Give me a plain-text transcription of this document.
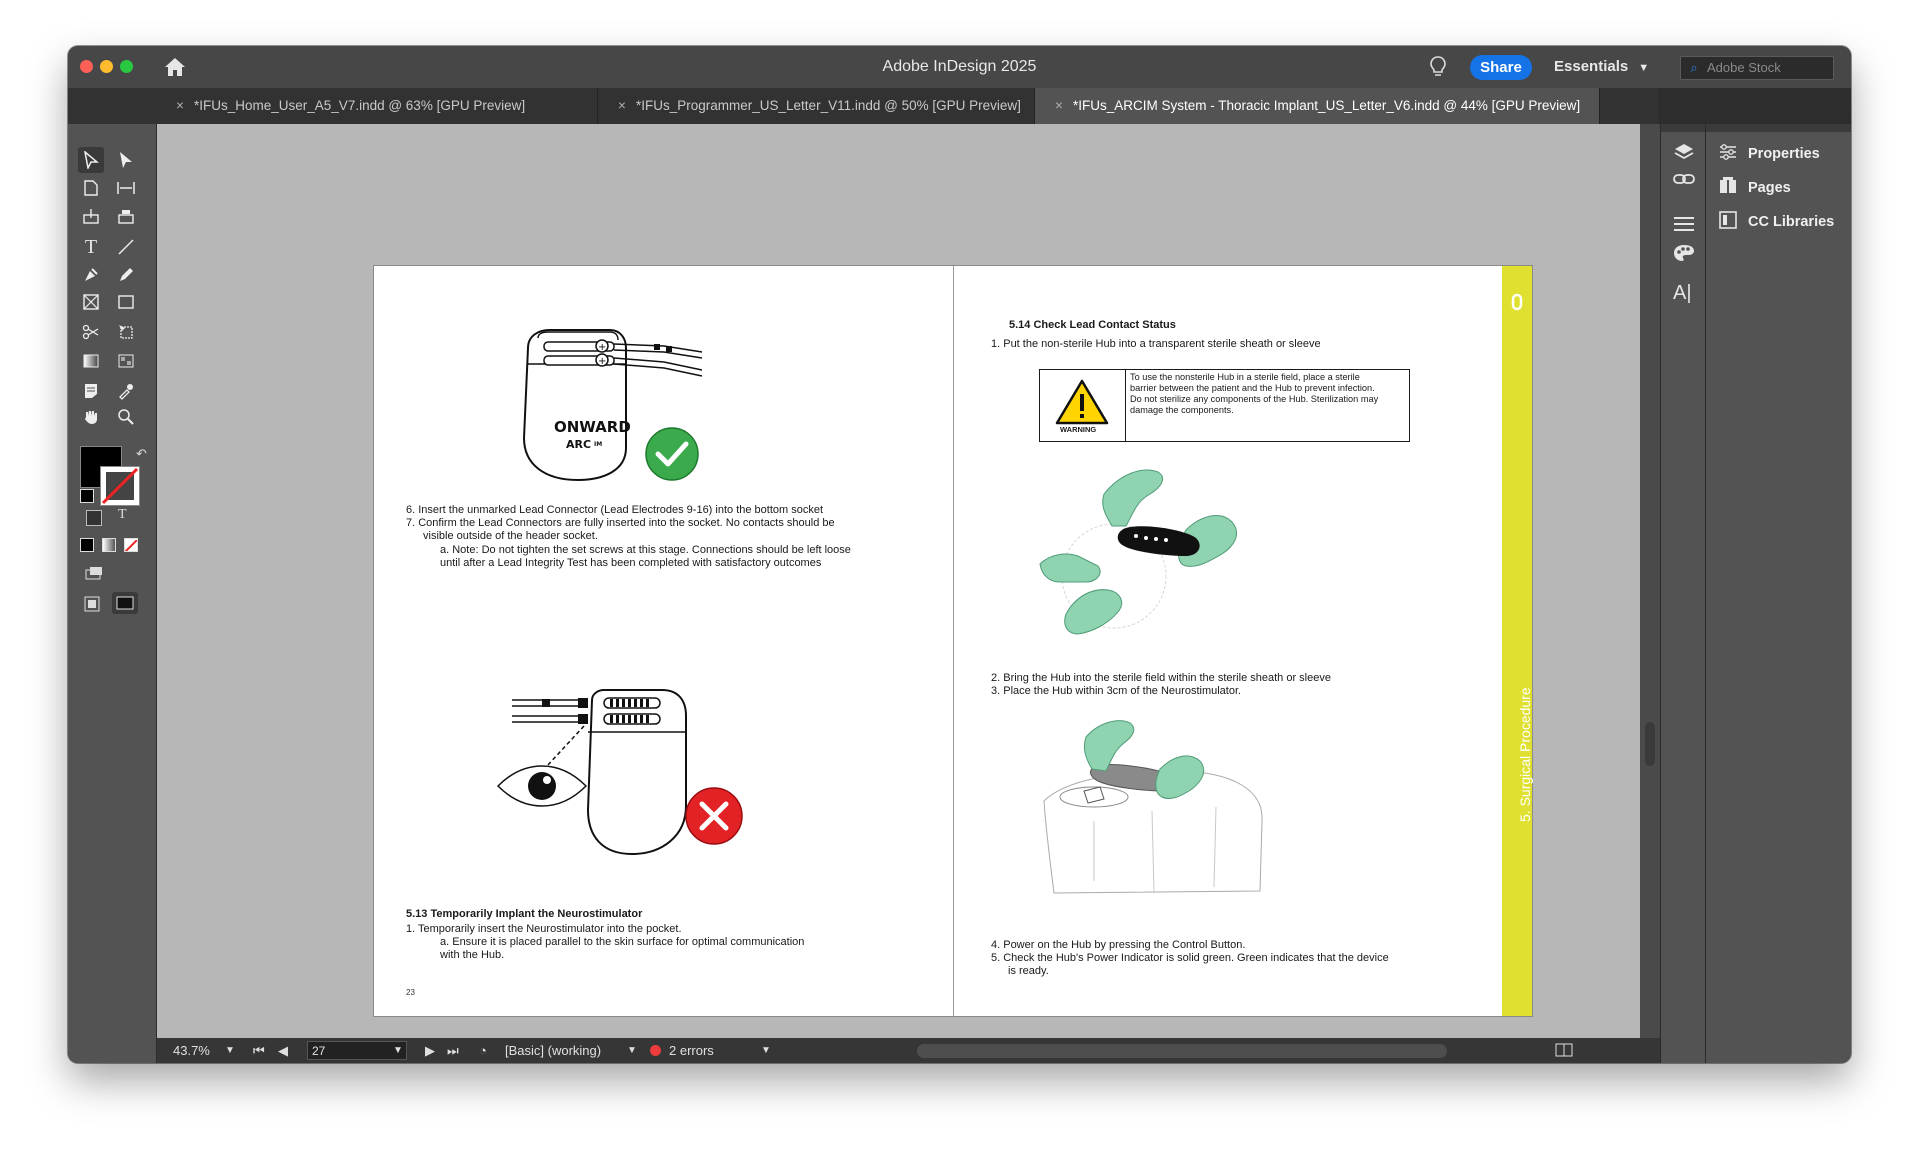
Adobe InDesign 2025	Share	Essentials ▼	⌕ Adobe Stock
× *IFUs_Home_User_A5_V7.indd @ 63% [GPU Preview]	× *IFUs_Programmer_US_Letter_V11.indd @ 50% [GPU Preview]	× *IFUs_ARCIM System - Thoracic Implant_US_Letter_V6.indd @ 44% [GPU Preview]
T
↶
T
+
+
ONWARD
ARC IM
6. Insert the unmarked Lead Connector (Lead Electrodes 9-16) into the bottom socket
7. Confirm the Lead Connectors are fully inserted into the socket. No contacts should be
visible outside of the header socket.
a. Note: Do not tighten the set screws at this stage. Connections should be left loose
until after a Lead Integrity Test has been completed with satisfactory outcomes
5.13 Temporarily Implant the Neurostimulator
1. Temporarily insert the Neurostimulator into the pocket.
a. Ensure it is placed parallel to the skin surface for optimal communication
with the Hub.
23
5.14 Check Lead Contact Status
1. Put the non-sterile Hub into a transparent sterile sheath or sleeve
WARNING
To use the nonsterile Hub in a sterile field, place a sterile
barrier between the patient and the Hub to prevent infection.
Do not sterilize any components of the Hub. Sterilization may
damage the components.
2. Bring the Hub into the sterile field within the sterile sheath or sleeve
3. Place the Hub within 3cm of the Neurostimulator.
4. Power on the Hub by pressing the Control Button.
5. Check the Hub's Power Indicator is solid green. Green indicates that the device
is ready.
5. Surgical Procedure
43.7% ▼ ⏮ ◀	27	▼ ▶ ⏭ ◔ [Basic] (working)	▼	2 errors	▼
A|
Properties
Pages
CC Libraries
